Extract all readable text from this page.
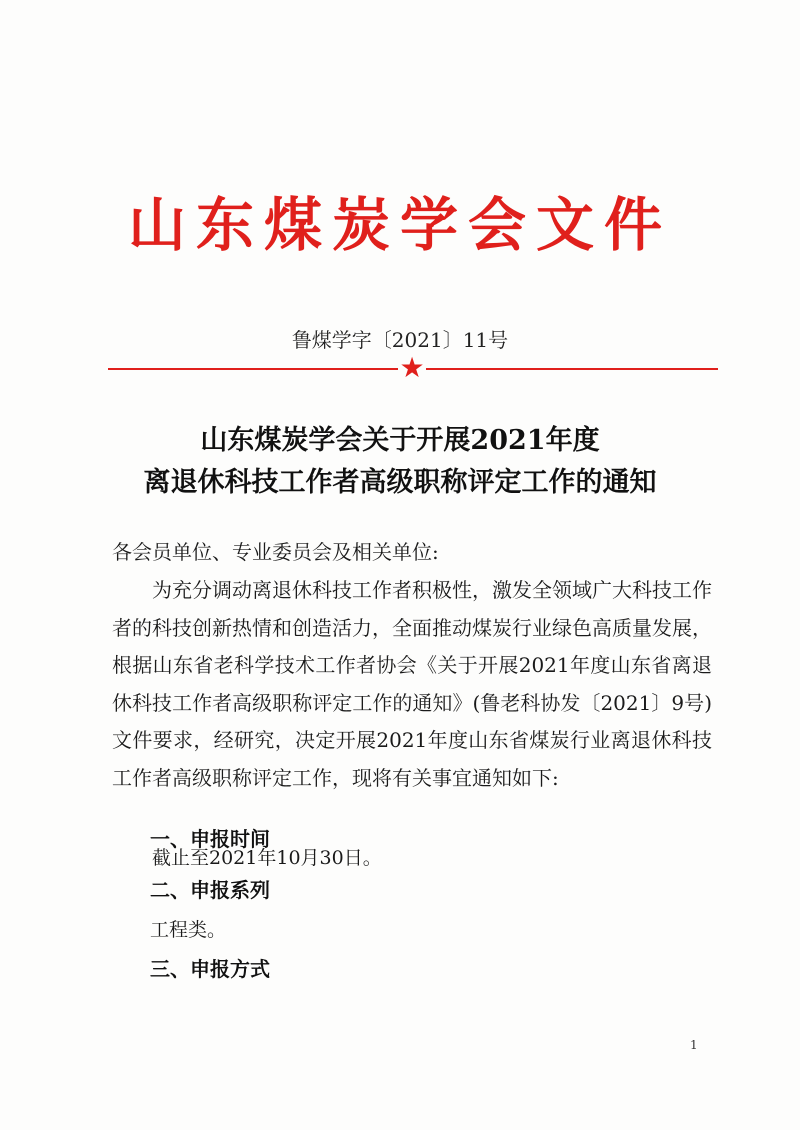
山东煤炭学会文件
鲁煤学字〔2021〕11号
★
山东煤炭学会关于开展2021年度
离退休科技工作者高级职称评定工作的通知
各会员单位、专业委员会及相关单位:
为充分调动离退休科技工作者积极性，激发全领域广大科技工作者的科技创新热情和创造活力，全面推动煤炭行业绿色高质量发展，根据山东省老科学技术工作者协会《关于开展2021年度山东省离退休科技工作者高级职称评定工作的通知》(鲁老科协发〔2021〕9号)文件要求，经研究，决定开展2021年度山东省煤炭行业离退休科技工作者高级职称评定工作，现将有关事宜通知如下:
一、申报时间
截止至2021年10月30日。
二、申报系列
工程类。
三、申报方式
1
